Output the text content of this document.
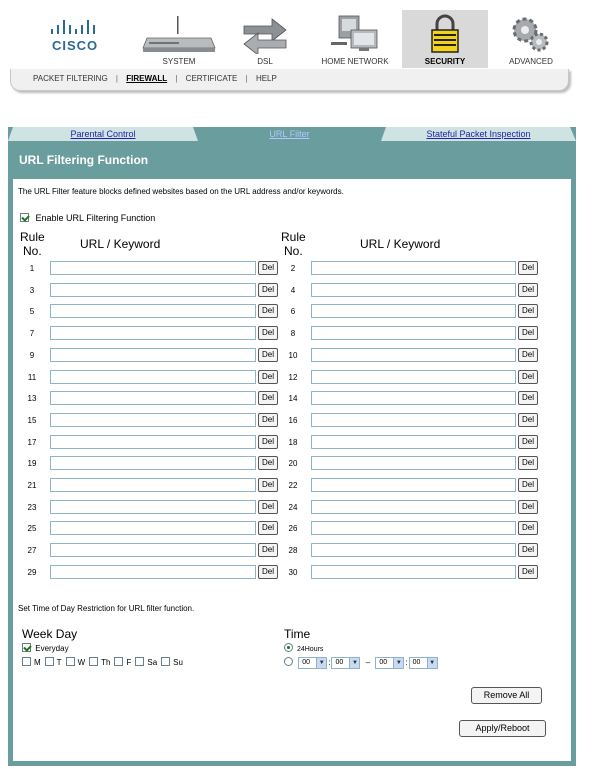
CISCO
SYSTEM	DSL	HOME NETWORK	SECURITY	ADVANCED
PACKET FILTERING | FIREWALL | CERTIFICATE | HELP
Parental Control	URL Filter	Stateful Packet Inspection
URL Filtering Function
The URL Filter feature blocks defined websites based on the URL address and/or keywords.
Enable URL Filtering Function
Rule
No.	URL / Keyword	Rule
No.	URL / Keyword
1	Del	2	Del
3	Del	4	Del
5	Del	6	Del
7	Del	8	Del
9	Del	10	Del
11	Del	12	Del
13	Del	14	Del
15	Del	16	Del
17	Del	18	Del
19	Del	20	Del
21	Del	22	Del
23	Del	24	Del
25	Del	26	Del
27	Del	28	Del
29	Del	30	Del
Set Time of Day Restriction for URL filter function.
Week Day
Everyday
M T W Th F Sa Su
Time
24Hours
00	▼ : 00	▼ – 00	▼ : 00	▼
Remove All
Apply/Reboot
